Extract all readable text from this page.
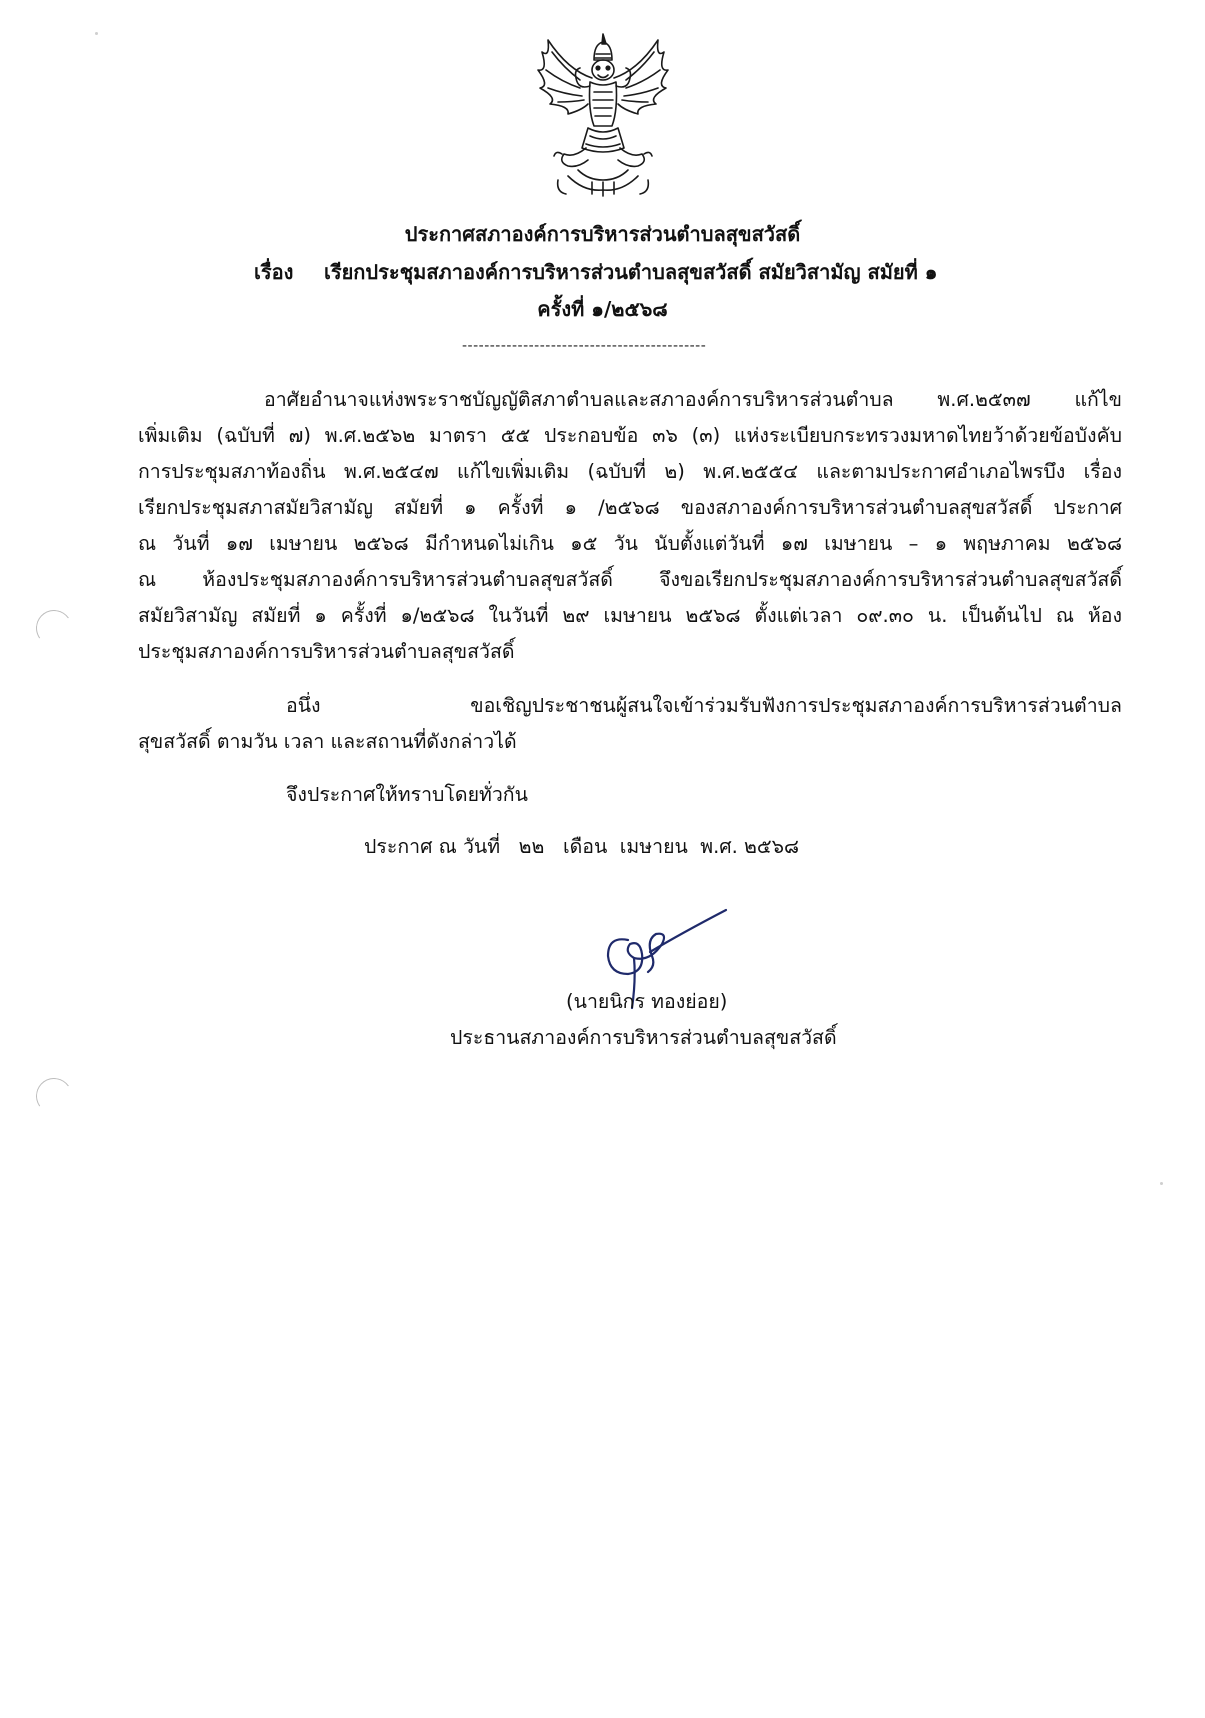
ประกาศสภาองค์การบริหารส่วนตำบลสุขสวัสดิ์
เรื่อง เรียกประชุมสภาองค์การบริหารส่วนตำบลสุขสวัสดิ์ สมัยวิสามัญ สมัยที่ ๑
ครั้งที่ ๑/๒๕๖๘
--------------------------------------------
อาศัยอำนาจแห่งพระราชบัญญัติสภาตำบลและสภาองค์การบริหารส่วนตำบล พ.ศ.๒๕๓๗ แก้ไข
เพิ่มเติม (ฉบับที่ ๗) พ.ศ.๒๕๖๒ มาตรา ๕๕ ประกอบข้อ ๓๖ (๓) แห่งระเบียบกระทรวงมหาดไทยว้าด้วยข้อบังคับ
การประชุมสภาท้องถิ่น พ.ศ.๒๕๔๗ แก้ไขเพิ่มเติม (ฉบับที่ ๒) พ.ศ.๒๕๕๔ และตามประกาศอำเภอไพรบึง เรื่อง
เรียกประชุมสภาสมัยวิสามัญ สมัยที่ ๑ ครั้งที่ ๑ /๒๕๖๘ ของสภาองค์การบริหารส่วนตำบลสุขสวัสดิ์ ประกาศ
ณ วันที่ ๑๗ เมษายน ๒๕๖๘ มีกำหนดไม่เกิน ๑๕ วัน นับตั้งแต่วันที่ ๑๗ เมษายน – ๑ พฤษภาคม ๒๕๖๘
ณ ห้องประชุมสภาองค์การบริหารส่วนตำบลสุขสวัสดิ์ จึงขอเรียกประชุมสภาองค์การบริหารส่วนตำบลสุขสวัสดิ์
สมัยวิสามัญ สมัยที่ ๑ ครั้งที่ ๑/๒๕๖๘ ในวันที่ ๒๙ เมษายน ๒๕๖๘ ตั้งแต่เวลา ๐๙.๓๐ น. เป็นต้นไป ณ ห้อง
ประชุมสภาองค์การบริหารส่วนตำบลสุขสวัสดิ์
อนึ่ง ขอเชิญประชาชนผู้สนใจเข้าร่วมรับฟังการประชุมสภาองค์การบริหารส่วนตำบล
สุขสวัสดิ์ ตามวัน เวลา และสถานที่ดังกล่าวได้
จึงประกาศให้ทราบโดยทั่วกัน
ประกาศ ณ วันที่   ๒๒   เดือน  เมษายน  พ.ศ. ๒๕๖๘
(นายนิกร ทองย่อย)
ประธานสภาองค์การบริหารส่วนตำบลสุขสวัสดิ์
